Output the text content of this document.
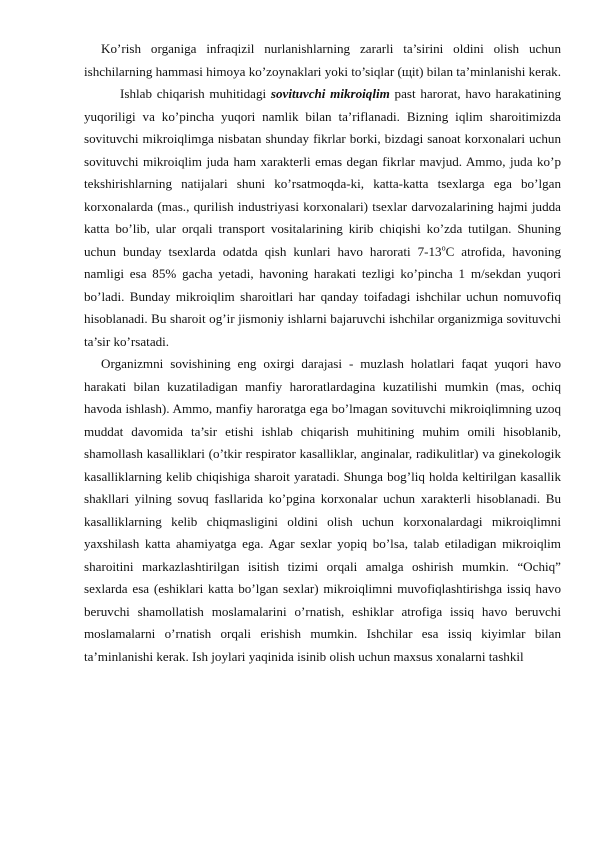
Ko’rish organiga infraqizil nurlanishlarning zararli ta’sirini oldini olish uchun ishchilarning hammasi himoya ko’zoynaklari yoki to’siqlar (щit) bilan ta’minlanishi kerak.

Ishlab chiqarish muhitidagi sovituvchi mikroiqlim past harorat, havo harakatining yuqoriligi va ko’pincha yuqori namlik bilan ta’riflanadi. Bizning iqlim sharoitimizda sovituvchi mikroiqlimga nisbatan shunday fikrlar borki, bizdagi sanoat korxonalari uchun sovituvchi mikroiqlim juda ham xarakterli emas degan fikrlar mavjud. Ammo, juda ko’p tekshirishlarning natijalari shuni ko’rsatmoqda-ki, katta-katta tsexlarga ega bo’lgan korxonalarda (mas., qurilish industriyasi korxonalari) tsexlar darvozalarining hajmi judda katta bo’lib, ular orqali transport vositalarining kirib chiqishi ko’zda tutilgan. Shuning uchun bunday tsexlarda odatda qish kunlari havo harorati 7-13$^o$C atrofida, havoning namligi esa 85% gacha yetadi, havoning harakati tezligi ko’pincha 1 m/sekdan yuqori bo’ladi. Bunday mikroiqlim sharoitlari har qanday toifadagi ishchilar uchun nomuvofiq hisoblanadi. Bu sharoit og’ir jismoniy ishlarni bajaruvchi ishchilar organizmiga sovituvchi ta’sir ko’rsatadi.

Organizmni sovishining eng oxirgi darajasi - muzlash holatlari faqat yuqori havo harakati bilan kuzatiladigan manfiy haroratlardagina kuzatilishi mumkin (mas, ochiq havoda ishlash). Ammo, manfiy haroratga ega bo’lmagan sovituvchi mikroiqlimning uzoq muddat davomida ta’sir etishi ishlab chiqarish muhitining muhim omili hisoblanib, shamollash kasalliklari (o’tkir respirator kasalliklar, anginalar, radikulitlar) va ginekologik kasalliklarning kelib chiqishiga sharoit yaratadi. Shunga bog’liq holda keltirilgan kasallik shakllari yilning sovuq fasllarida ko’pgina korxonalar uchun xarakterli hisoblanadi. Bu kasalliklarning kelib chiqmasligini oldini olish uchun korxonalardagi mikroiqlimni yaxshilash katta ahamiyatga ega. Agar sexlar yopiq bo’lsa, talab etiladigan mikroiqlim sharoitini markazlashtirilgan isitish tizimi orqali amalga oshirish mumkin. “Ochiq” sexlarda esa (eshiklari katta bo’lgan sexlar) mikroiqlimni muvofiqlashtirishga issiq havo beruvchi shamollatish moslamalarini o’rnatish, eshiklar atrofiga issiq havo beruvchi moslamalarni o’rnatish orqali erishish mumkin. Ishchilar esa issiq kiyimlar bilan ta’minlanishi kerak. Ish joylari yaqinida isinib olish uchun maxsus xonalarni tashkil
